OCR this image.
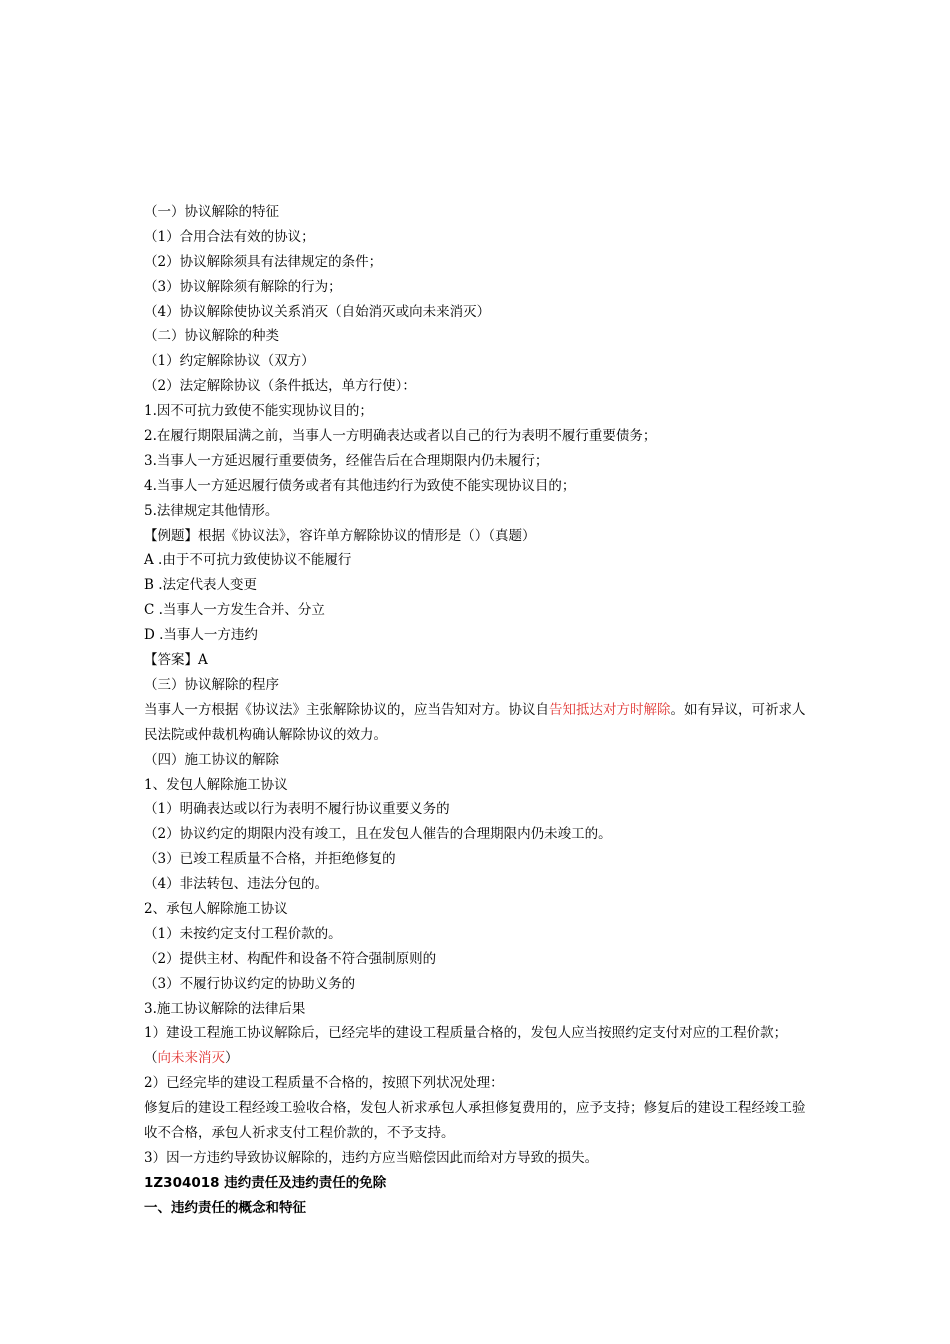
（一）协议解除的特征
（1）合用合法有效的协议；
（2）协议解除须具有法律规定的条件；
（3）协议解除须有解除的行为；
（4）协议解除使协议关系消灭（自始消灭或向未来消灭）
（二）协议解除的种类
（1）约定解除协议（双方）
（2）法定解除协议（条件抵达，单方行使）：
1.因不可抗力致使不能实现协议目的；
2.在履行期限届满之前，当事人一方明确表达或者以自己的行为表明不履行重要债务；
3.当事人一方延迟履行重要债务，经催告后在合理期限内仍未履行；
4.当事人一方延迟履行债务或者有其他违约行为致使不能实现协议目的；
5.法律规定其他情形。
【例题】根据《协议法》，容许单方解除协议的情形是（）（真题）
A .由于不可抗力致使协议不能履行
B .法定代表人变更
C .当事人一方发生合并、分立
D .当事人一方违约
【答案】A
（三）协议解除的程序
当事人一方根据《协议法》主张解除协议的，应当告知对方。协议自告知抵达对方时解除。如有异议，可祈求人民法院或仲裁机构确认解除协议的效力。
（四）施工协议的解除
1、发包人解除施工协议
（1）明确表达或以行为表明不履行协议重要义务的
（2）协议约定的期限内没有竣工，且在发包人催告的合理期限内仍未竣工的。
（3）已竣工程质量不合格，并拒绝修复的
（4）非法转包、违法分包的。
2、承包人解除施工协议
（1）未按约定支付工程价款的。
（2）提供主材、构配件和设备不符合强制原则的
（3）不履行协议约定的协助义务的
3.施工协议解除的法律后果
1）建设工程施工协议解除后，已经完毕的建设工程质量合格的，发包人应当按照约定支付对应的工程价款；（向未来消灭）
2）已经完毕的建设工程质量不合格的，按照下列状况处理：
修复后的建设工程经竣工验收合格，发包人祈求承包人承担修复费用的，应予支持；修复后的建设工程经竣工验收不合格，承包人祈求支付工程价款的，不予支持。
3）因一方违约导致协议解除的，违约方应当赔偿因此而给对方导致的损失。
1Z304018 违约责任及违约责任的免除
一、违约责任的概念和特征
